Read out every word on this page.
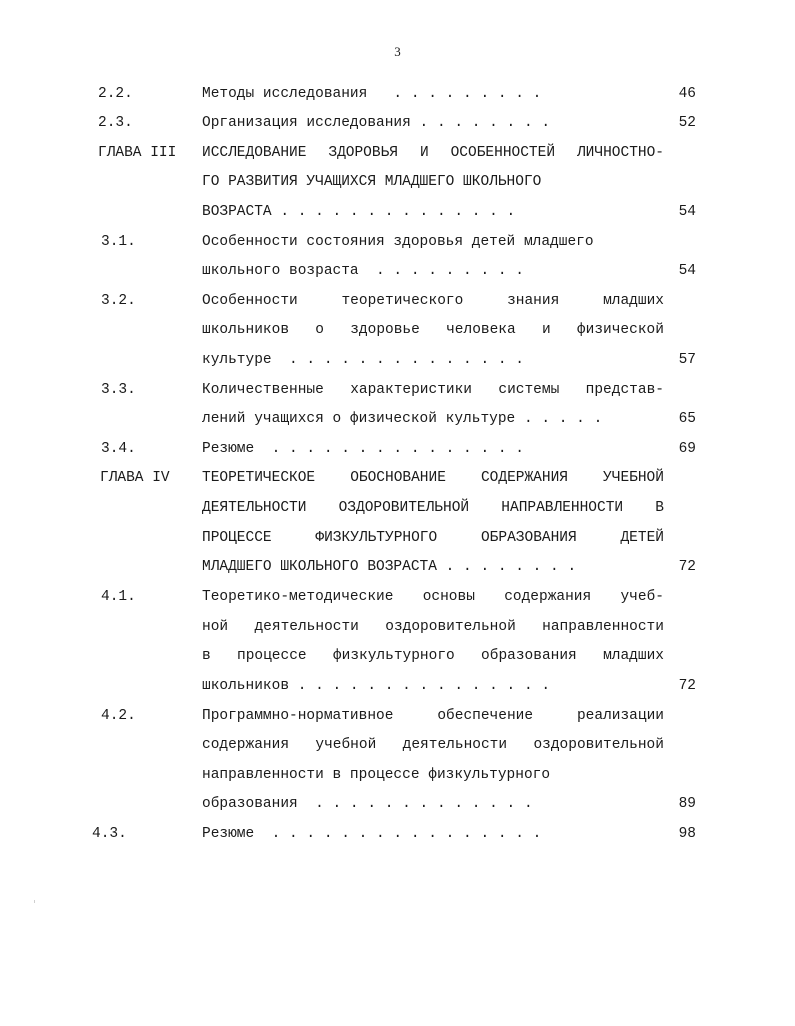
3
2.2.	Методы исследования   . . . . . . . . .	46
2.3.	Организация исследования . . . . . . . .	52
ГЛАВА III ИССЛЕДОВАНИЕ ЗДОРОВЬЯ И ОСОБЕННОСТЕЙ ЛИЧНОСТНО-
ГО РАЗВИТИЯ УЧАЩИХСЯ МЛАДШЕГО ШКОЛЬНОГО
ВОЗРАСТА . . . . . . . . . . . . . .	54
3.1.	Особенности состояния здоровья детей младшего
школьного возраста  . . . . . . . . .	54
3.2.	Особенности	теоретического	знания	младших
школьников о здоровье человека и физической
культуре  . . . . . . . . . . . . . .	57
3.3.	Количественные характеристики системы представ-
лений учащихся о физической культуре . . . . .	65
3.4.	Резюме  . . . . . . . . . . . . . . .	69
ГЛАВА IV ТЕОРЕТИЧЕСКОЕ ОБОСНОВАНИЕ СОДЕРЖАНИЯ УЧЕБНОЙ
ДЕЯТЕЛЬНОСТИ ОЗДОРОВИТЕЛЬНОЙ НАПРАВЛЕННОСТИ В
ПРОЦЕССЕ	ФИЗКУЛЬТУРНОГО	ОБРАЗОВАНИЯ	ДЕТЕЙ
МЛАДШЕГО ШКОЛЬНОГО ВОЗРАСТА . . . . . . . .	72
4.1.	Теоретико-методические основы содержания учеб-
ной деятельности оздоровительной направленности
в процессе физкультурного образования младших
школьников . . . . . . . . . . . . . . .	72
4.2.	Программно-нормативное	обеспечение	реализации
содержания учебной деятельности оздоровительной
направленности в процессе физкультурного
образования  . . . . . . . . . . . . .	89
4.3.	Резюме  . . . . . . . . . . . . . . . .	98
